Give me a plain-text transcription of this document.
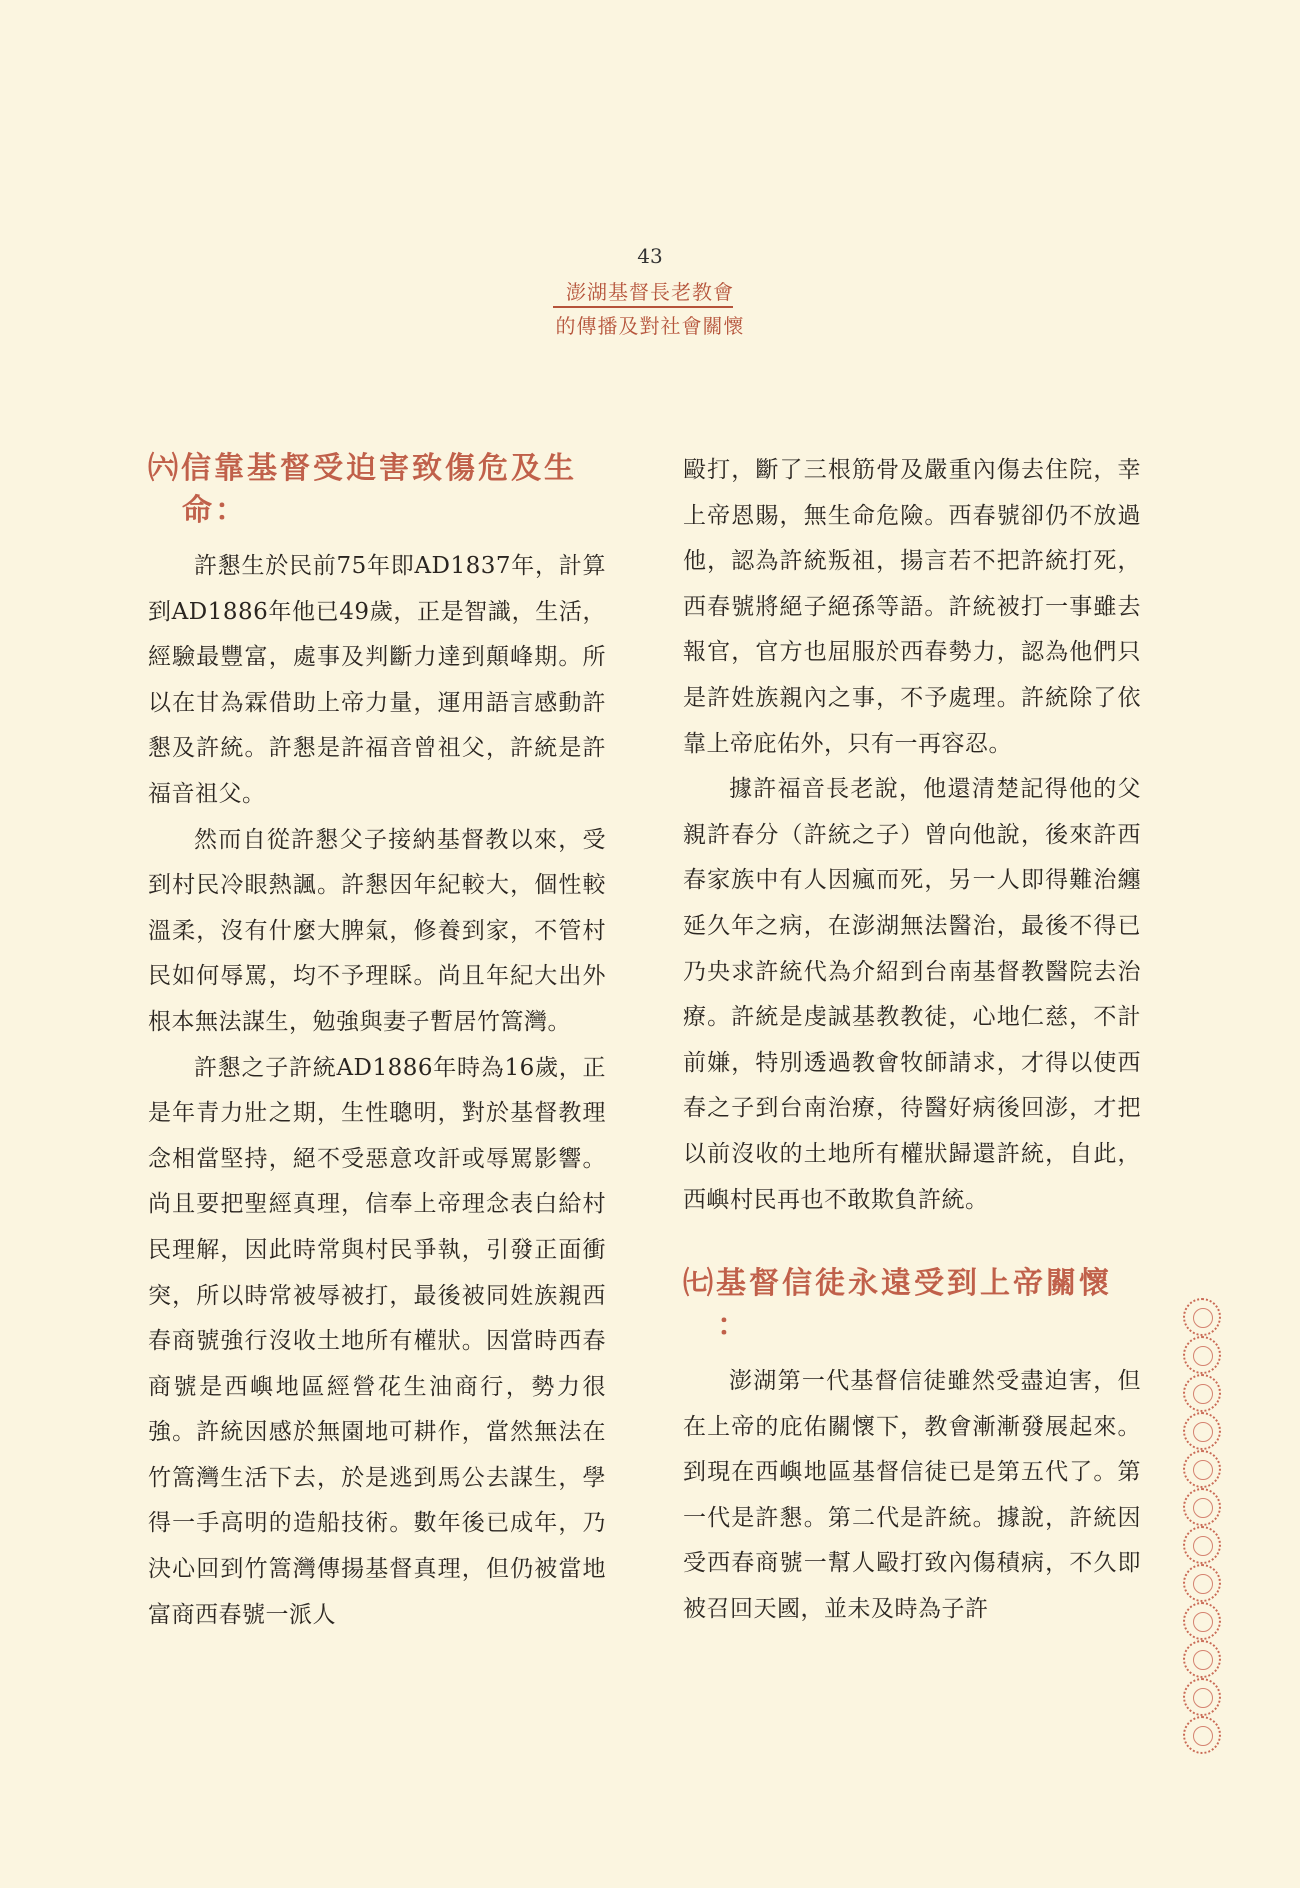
43
澎湖基督長老教會
的傳播及對社會關懷
㈥信靠基督受迫害致傷危及生
命：

許懇生於民前75年即AD1837年，計算到AD1886年他已49歲，正是智識，生活，經驗最豐富，處事及判斷力達到顛峰期。所以在甘為霖借助上帝力量，運用語言感動許懇及許統。許懇是許福音曾祖父，許統是許福音祖父。

然而自從許懇父子接納基督教以來，受到村民冷眼熱諷。許懇因年紀較大，個性較溫柔，沒有什麼大脾氣，修養到家，不管村民如何辱罵，均不予理睬。尚且年紀大出外根本無法謀生，勉強與妻子暫居竹篙灣。

許懇之子許統AD1886年時為16歲，正是年青力壯之期，生性聰明，對於基督教理念相當堅持，絕不受惡意攻訐或辱罵影響。尚且要把聖經真理，信奉上帝理念表白給村民理解，因此時常與村民爭執，引發正面衝突，所以時常被辱被打，最後被同姓族親西春商號強行沒收土地所有權狀。因當時西春商號是西嶼地區經營花生油商行，勢力很強。許統因感於無園地可耕作，當然無法在竹篙灣生活下去，於是逃到馬公去謀生，學得一手高明的造船技術。數年後已成年，乃決心回到竹篙灣傳揚基督真理，但仍被當地富商西春號一派人

毆打，斷了三根筋骨及嚴重內傷去住院，幸上帝恩賜，無生命危險。西春號卻仍不放過他，認為許統叛祖，揚言若不把許統打死，西春號將絕子絕孫等語。許統被打一事雖去報官，官方也屈服於西春勢力，認為他們只是許姓族親內之事，不予處理。許統除了依靠上帝庇佑外，只有一再容忍。

據許福音長老說，他還清楚記得他的父親許春分（許統之子）曾向他說，後來許西春家族中有人因瘋而死，另一人即得難治纏延久年之病，在澎湖無法醫治，最後不得已乃央求許統代為介紹到台南基督教醫院去治療。許統是虔誠基教教徒，心地仁慈，不計前嫌，特別透過教會牧師請求，才得以使西春之子到台南治療，待醫好病後回澎，才把以前沒收的土地所有權狀歸還許統，自此，西嶼村民再也不敢欺負許統。

㈦基督信徒永遠受到上帝關懷
：

澎湖第一代基督信徒雖然受盡迫害，但在上帝的庇佑關懷下，教會漸漸發展起來。到現在西嶼地區基督信徒已是第五代了。第一代是許懇。第二代是許統。據說，許統因受西春商號一幫人毆打致內傷積病，不久即被召回天國，並未及時為子許
